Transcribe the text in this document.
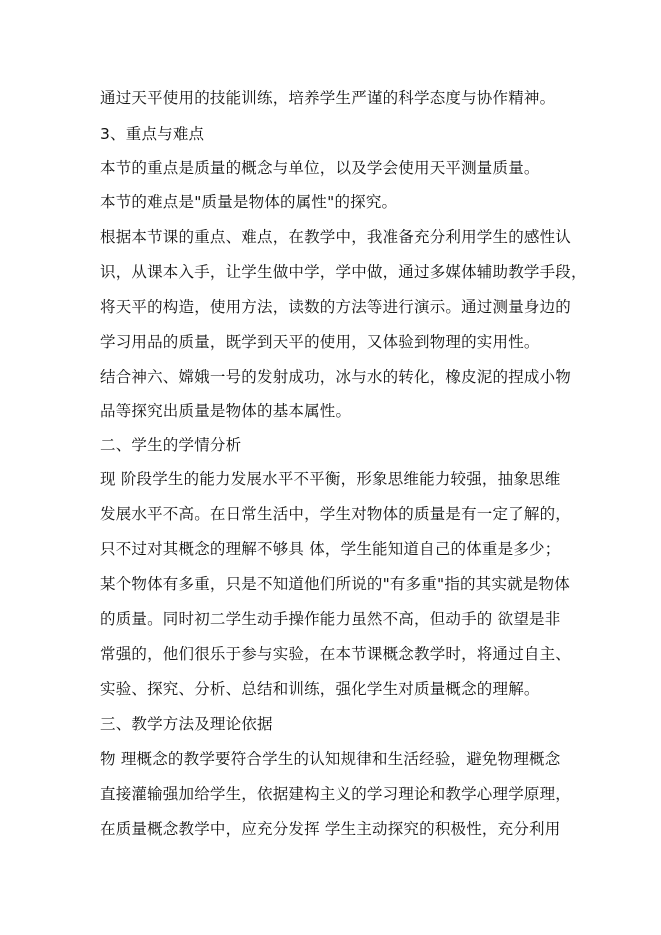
通过天平使用的技能训练，培养学生严谨的科学态度与协作精神。
3、重点与难点
本节的重点是质量的概念与单位，以及学会使用天平测量质量。
本节的难点是"质量是物体的属性"的探究。
根据本节课的重点、难点，在教学中，我准备充分利用学生的感性认
识，从课本入手，让学生做中学，学中做，通过多媒体辅助教学手段，
将天平的构造，使用方法，读数的方法等进行演示。通过测量身边的
学习用品的质量，既学到天平的使用，又体验到物理的实用性。
结合神六、嫦娥一号的发射成功，冰与水的转化，橡皮泥的捏成小物
品等探究出质量是物体的基本属性。
二、学生的学情分析
现 阶段学生的能力发展水平不平衡，形象思维能力较强，抽象思维
发展水平不高。在日常生活中，学生对物体的质量是有一定了解的，
只不过对其概念的理解不够具 体，学生能知道自己的体重是多少；
某个物体有多重，只是不知道他们所说的"有多重"指的其实就是物体
的质量。同时初二学生动手操作能力虽然不高，但动手的 欲望是非
常强的，他们很乐于参与实验，在本节课概念教学时，将通过自主、
实验、探究、分析、总结和训练，强化学生对质量概念的理解。
三、教学方法及理论依据
物 理概念的教学要符合学生的认知规律和生活经验，避免物理概念
直接灌输强加给学生，依据建构主义的学习理论和教学心理学原理，
在质量概念教学中，应充分发挥 学生主动探究的积极性，充分利用
